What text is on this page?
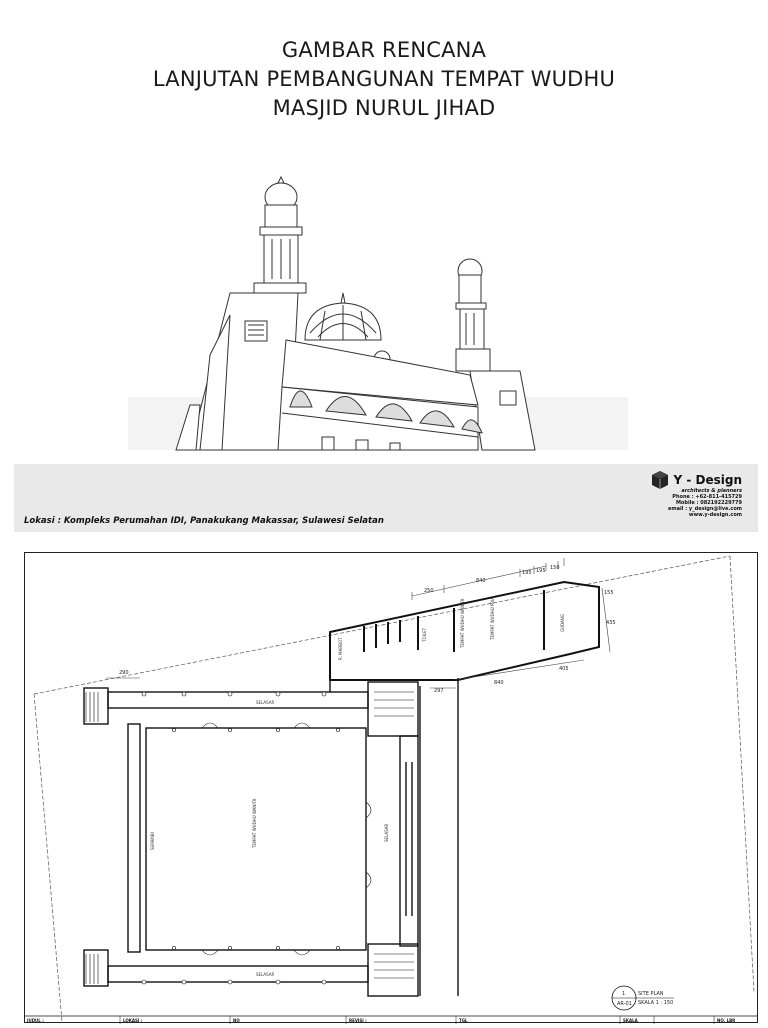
GAMBAR RENCANA
LANJUTAN PEMBANGUNAN TEMPAT WUDHU
MASJID NURUL JIHAD
Lokasi : Kompleks Perumahan IDI, Panakukang Makassar, Sulawesi Selatan
Y - Design
architects & planners
Phone : +62-811-415729
Mobile : 082192229779
email : y_design@live.com
www.y-design.com
250
840
195 195 150
155
435
405
840
290
297
TEMPAT WUDHU PRIA
TEMPAT WUDHU WANITA
TOILET
R. MARBOT
GUDANG
SELASAR
SELASAR
SELASAR
SERAMBI	TEMPAT WUDHU WANITA
1
AR-01
SITE PLAN
SKALA 1 : 150
JUDUL :	LOKASI :	NO	REVISI :	TGL	SKALA	NO. LBR
